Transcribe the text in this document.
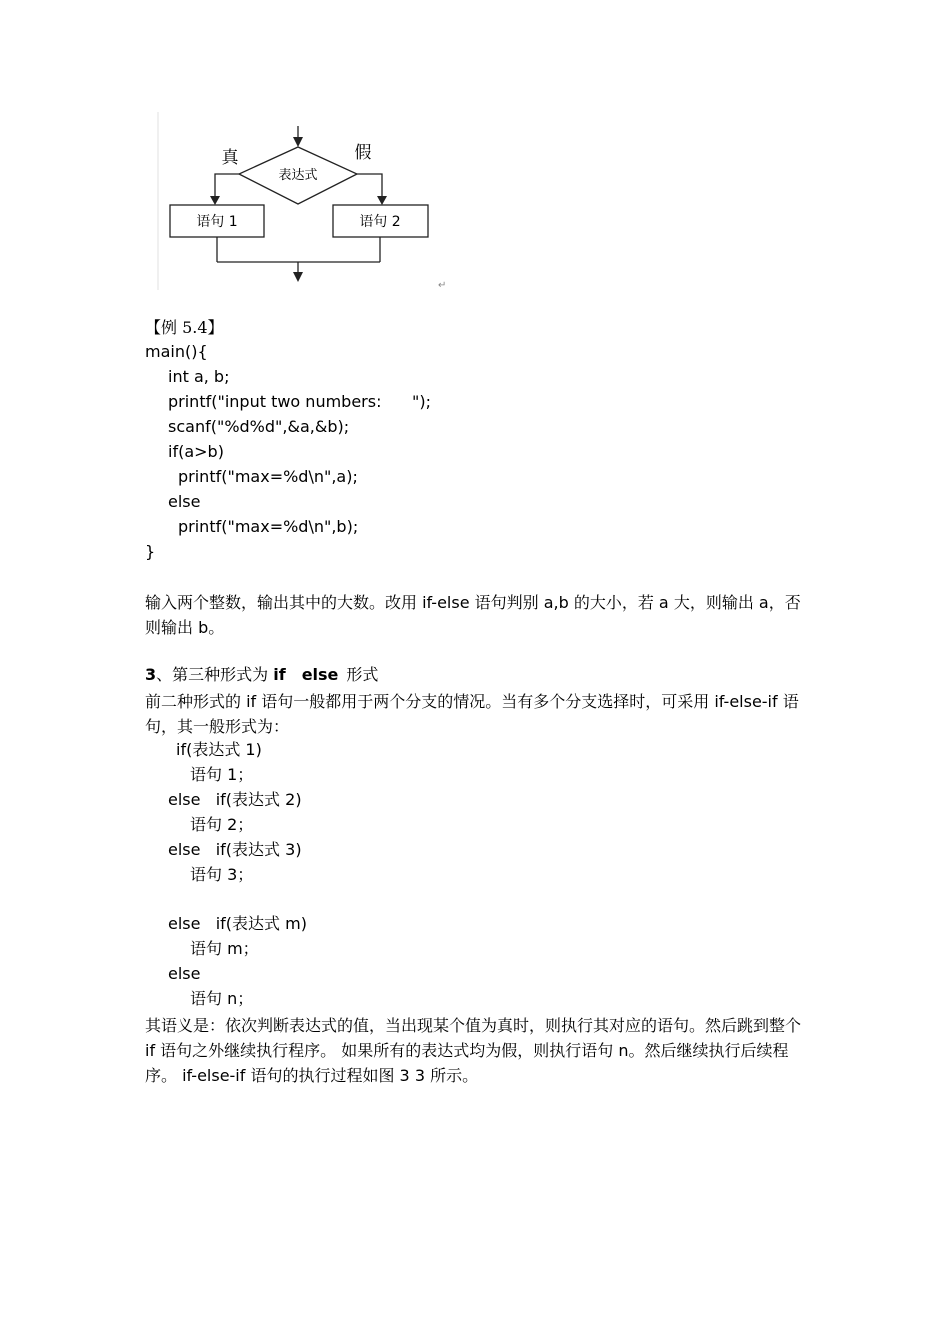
表达式
真	假
语句 1	语句 2
↵
【例 5.4】
main(){
int a, b;
printf("input two numbers:      ");
scanf("%d%d",&a,&b);
if(a>b)
printf("max=%d\n",a);
else
printf("max=%d\n",b);
}
输入两个整数，输出其中的大数。改用 if-else 语句判别 a,b 的大小，若 a 大，则输出 a，否则输出 b。
3、第三种形式为 if else 形式
前二种形式的 if 语句一般都用于两个分支的情况。当有多个分支选择时，可采用 if-else-if 语句，其一般形式为：
if(表达式 1)
语句 1；
else   if(表达式 2)
语句 2；
else   if(表达式 3)
语句 3；
else   if(表达式 m)
语句 m；
else
语句 n；
其语义是：依次判断表达式的值，当出现某个值为真时，则执行其对应的语句。然后跳到整个 if 语句之外继续执行程序。 如果所有的表达式均为假，则执行语句 n。然后继续执行后续程序。 if-else-if 语句的执行过程如图 3 3 所示。
